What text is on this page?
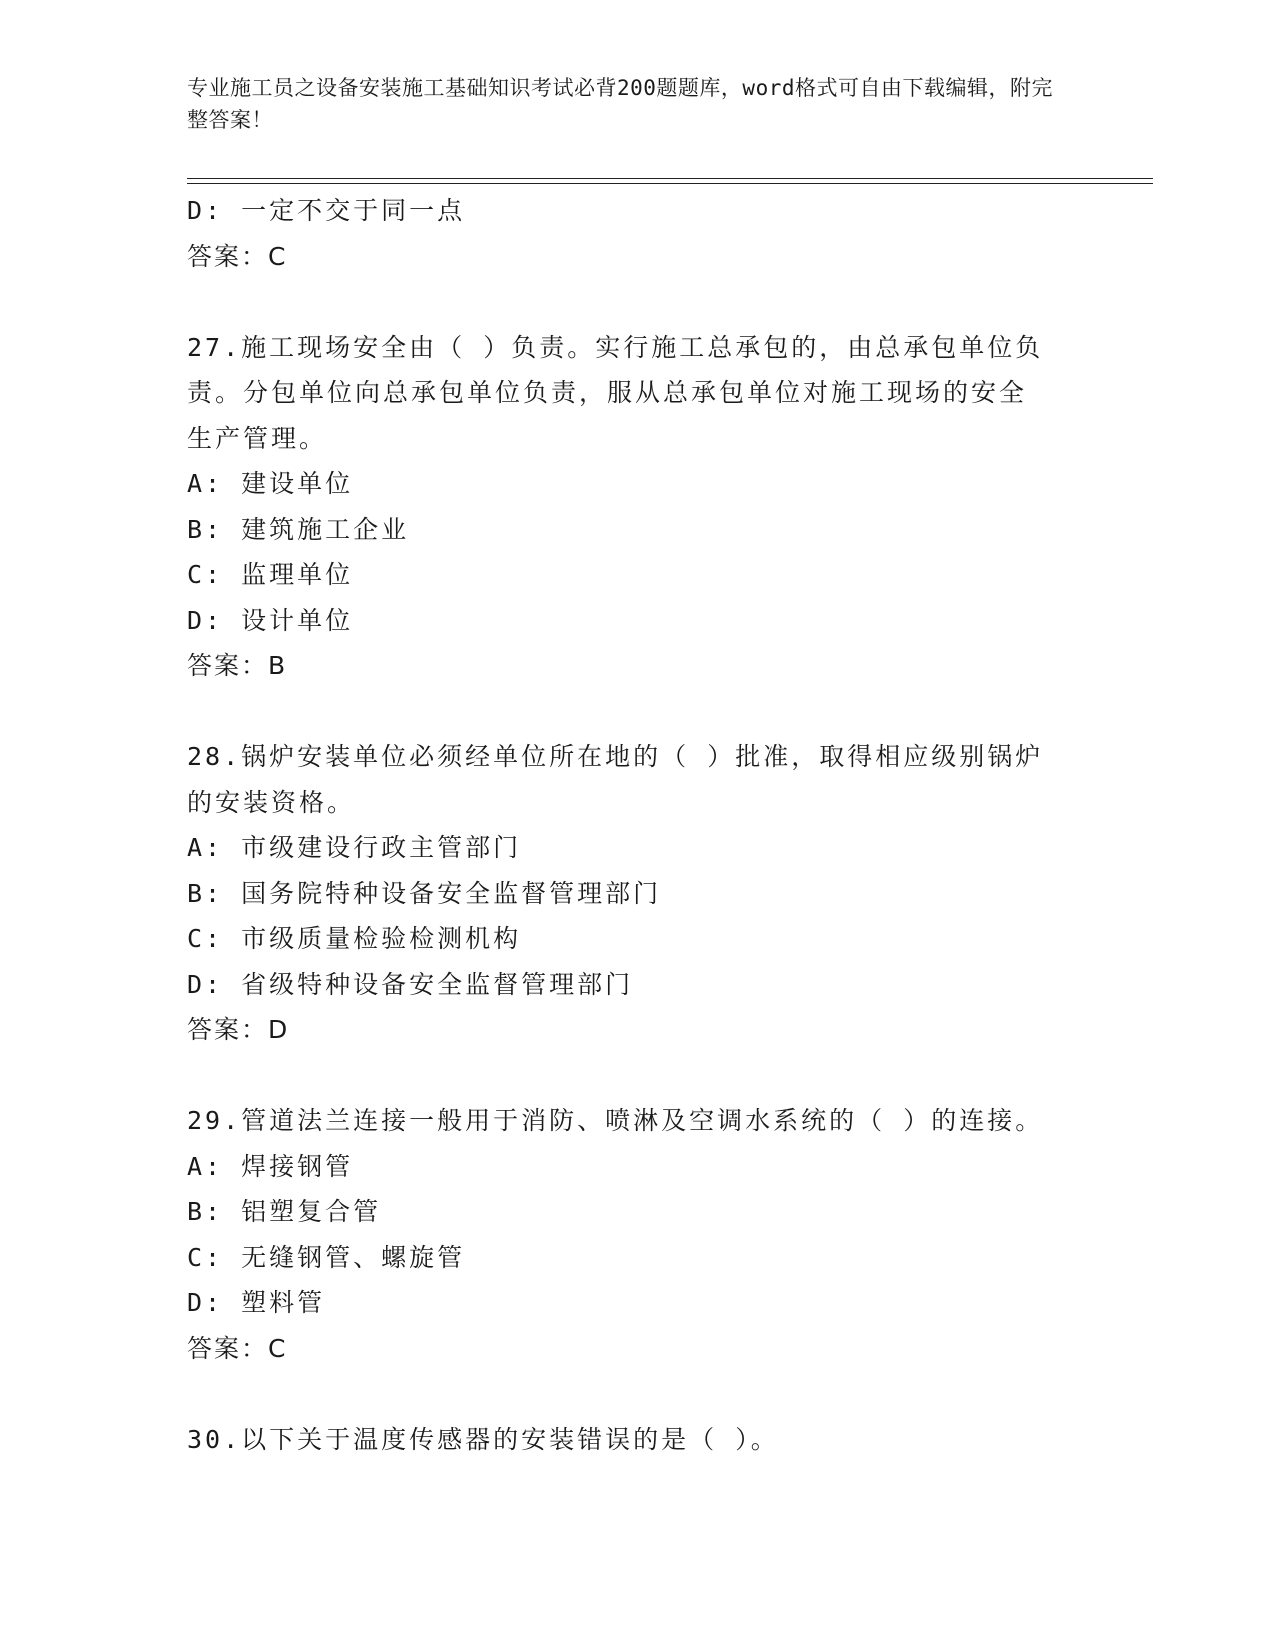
专业施工员之设备安装施工基础知识考试必背200题题库，word格式可自由下载编辑，附完整答案！
D: 一定不交于同一点
答案：C
27.施工现场安全由（ ）负责。实行施工总承包的，由总承包单位负
责。分包单位向总承包单位负责，服从总承包单位对施工现场的安全
生产管理。
A: 建设单位
B: 建筑施工企业
C: 监理单位
D: 设计单位
答案：B
28.锅炉安装单位必须经单位所在地的（ ）批准，取得相应级别锅炉
的安装资格。
A: 市级建设行政主管部门
B: 国务院特种设备安全监督管理部门
C: 市级质量检验检测机构
D: 省级特种设备安全监督管理部门
答案：D
29.管道法兰连接一般用于消防、喷淋及空调水系统的（ ）的连接。
A: 焊接钢管
B: 铝塑复合管
C: 无缝钢管、螺旋管
D: 塑料管
答案：C
30.以下关于温度传感器的安装错误的是（ ）。
